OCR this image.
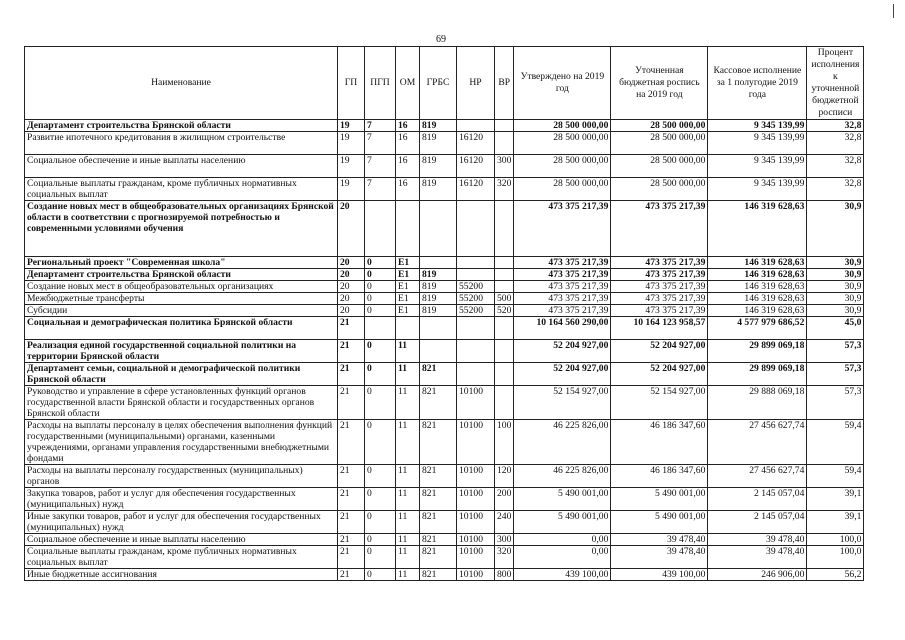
69
Наименование	ГП	ПГП	ОМ	ГРБС	НР	ВР	Утверждено на 2019 год	Уточненная бюджетная роспись на 2019 год	Кассовое исполнение за 1 полугодие 2019 года	Процент исполнения к уточненной бюджетной росписи
Департамент строительства Брянской области	19	7	16	819			28 500 000,00	28 500 000,00	9 345 139,99	32,8
Развитие ипотечного кредитования в жилищном строительстве	19	7	16	819	16120		28 500 000,00	28 500 000,00	9 345 139,99	32,8
Социальное обеспечение и иные выплаты населению	19	7	16	819	16120	300	28 500 000,00	28 500 000,00	9 345 139,99	32,8
Социальные выплаты гражданам, кроме публичных нормативных социальных выплат	19	7	16	819	16120	320	28 500 000,00	28 500 000,00	9 345 139,99	32,8
Создание новых мест в общеобразовательных организациях Брянской области в соответствии с прогнозируемой потребностью и современными условиями обучения	20						473 375 217,39	473 375 217,39	146 319 628,63	30,9
Региональный проект "Современная школа"	20	0	E1				473 375 217,39	473 375 217,39	146 319 628,63	30,9
Департамент строительства Брянской области	20	0	E1	819			473 375 217,39	473 375 217,39	146 319 628,63	30,9
Создание новых мест в общеобразовательных организациях	20	0	E1	819	55200		473 375 217,39	473 375 217,39	146 319 628,63	30,9
Межбюджетные трансферты	20	0	E1	819	55200	500	473 375 217,39	473 375 217,39	146 319 628,63	30,9
Субсидии	20	0	E1	819	55200	520	473 375 217,39	473 375 217,39	146 319 628,63	30,9
Социальная и демографическая политика Брянской области	21						10 164 560 290,00	10 164 123 958,57	4 577 979 686,52	45,0
Реализация единой государственной социальной политики на территории Брянской области	21	0	11				52 204 927,00	52 204 927,00	29 899 069,18	57,3
Департамент семьи, социальной и демографической политики Брянской области	21	0	11	821			52 204 927,00	52 204 927,00	29 899 069,18	57,3
Руководство и управление в сфере установленных функций органов государственной власти Брянской области и государственных органов Брянской области	21	0	11	821	10100		52 154 927,00	52 154 927,00	29 888 069,18	57,3
Расходы на выплаты персоналу в целях обеспечения выполнения функций государственными (муниципальными) органами, казенными учреждениями, органами управления государственными внебюджетными фондами	21	0	11	821	10100	100	46 225 826,00	46 186 347,60	27 456 627,74	59,4
Расходы на выплаты персоналу государственных (муниципальных) органов	21	0	11	821	10100	120	46 225 826,00	46 186 347,60	27 456 627,74	59,4
Закупка товаров, работ и услуг для обеспечения государственных (муниципальных) нужд	21	0	11	821	10100	200	5 490 001,00	5 490 001,00	2 145 057,04	39,1
Иные закупки товаров, работ и услуг для обеспечения государственных (муниципальных) нужд	21	0	11	821	10100	240	5 490 001,00	5 490 001,00	2 145 057,04	39,1
Социальное обеспечение и иные выплаты населению	21	0	11	821	10100	300	0,00	39 478,40	39 478,40	100,0
Социальные выплаты гражданам, кроме публичных нормативных социальных выплат	21	0	11	821	10100	320	0,00	39 478,40	39 478,40	100,0
Иные бюджетные ассигнования	21	0	11	821	10100	800	439 100,00	439 100,00	246 906,00	56,2
